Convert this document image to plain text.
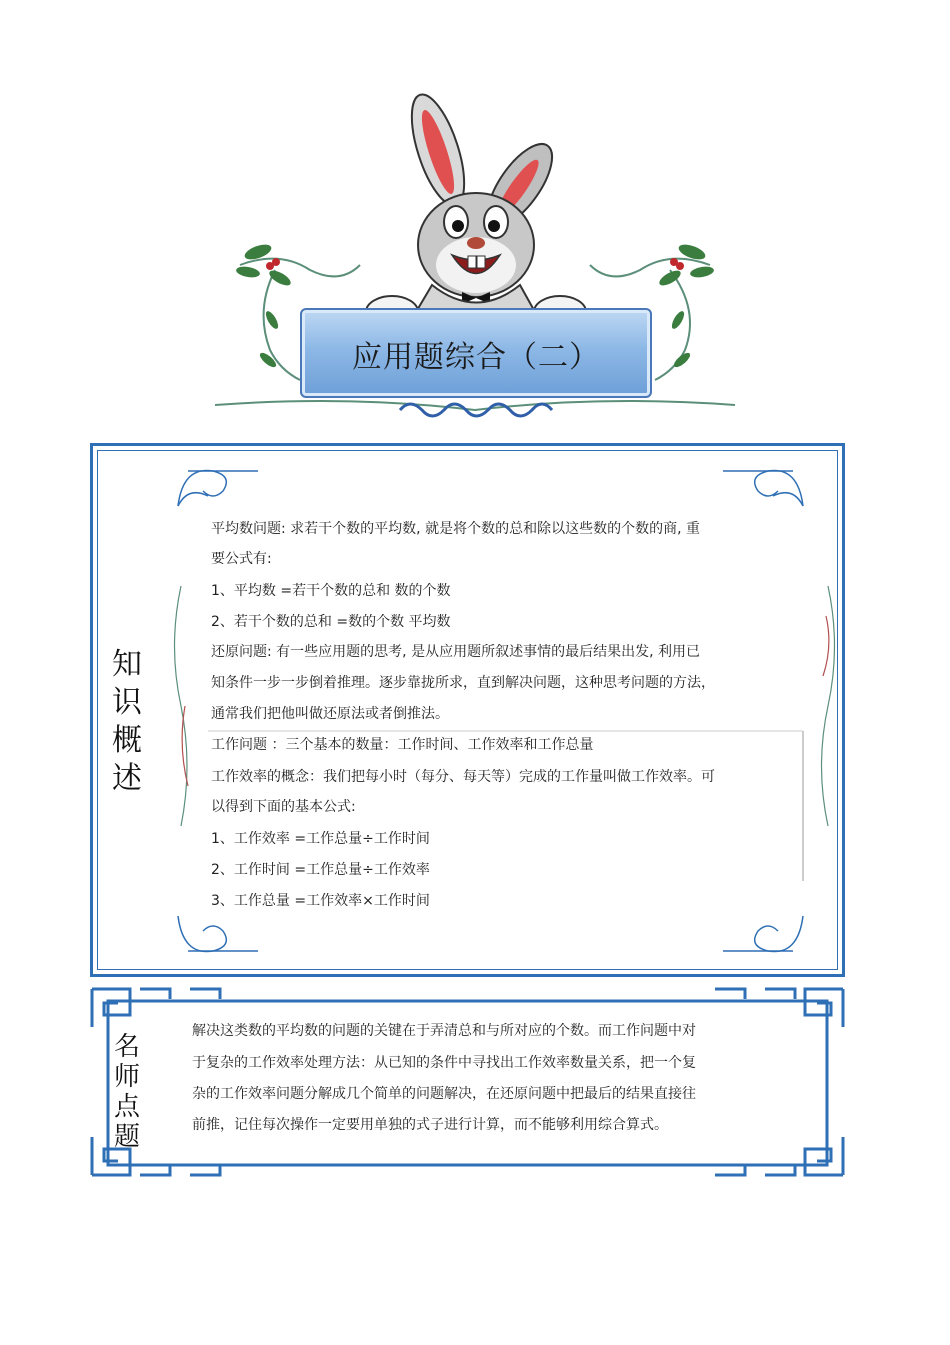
应用题综合（二）
知
识
概
述
平均数问题: 求若干个数的平均数, 就是将个数的总和除以这些数的个数的商, 重
要公式有:
1、平均数 =若干个数的总和 数的个数
2、若干个数的总和 =数的个数 平均数
还原问题: 有一些应用题的思考, 是从应用题所叙述事情的最后结果出发, 利用已
知条件一步一步倒着推理。逐步靠拢所求，直到解决问题，这种思考问题的方法，
通常我们把他叫做还原法或者倒推法。
工作问题 ：三个基本的数量：工作时间、工作效率和工作总量
工作效率的概念：我们把每小时（每分、每天等）完成的工作量叫做工作效率。可
以得到下面的基本公式:
1、工作效率 =工作总量÷工作时间
2、工作时间 =工作总量÷工作效率
3、工作总量 =工作效率×工作时间
名
师
点
题
解决这类数的平均数的问题的关键在于弄清总和与所对应的个数。而工作问题中对
于复杂的工作效率处理方法：从已知的条件中寻找出工作效率数量关系，把一个复
杂的工作效率问题分解成几个简单的问题解决，在还原问题中把最后的结果直接往
前推，记住每次操作一定要用单独的式子进行计算，而不能够利用综合算式。
